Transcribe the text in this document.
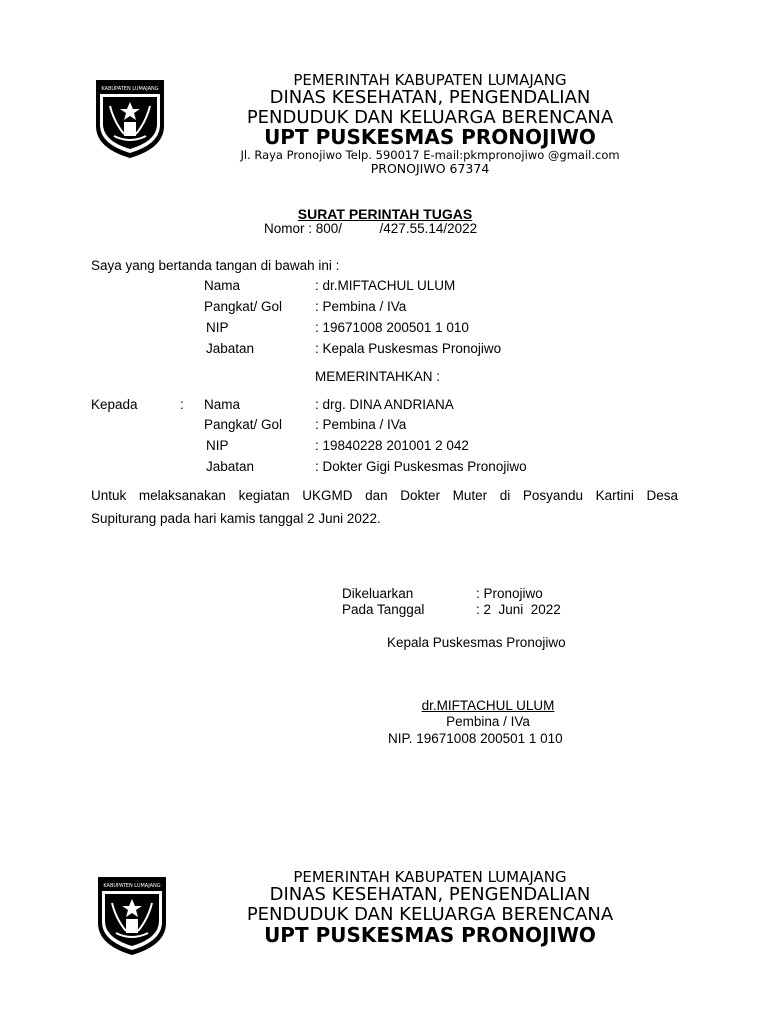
KABUPATEN LUMAJANG	PEMERINTAH KABUPATEN LUMAJANG
DINAS KESEHATAN, PENGENDALIAN
PENDUDUK DAN KELUARGA BERENCANA
UPT PUSKESMAS PRONOJIWO
Jl. Raya Pronojiwo Telp. 590017 E-mail:pkmpronojiwo @gmail.com
PRONOJIWO 67374
SURAT PERINTAH TUGAS
Nomor : 800/          /427.55.14/2022
Saya yang bertanda tangan di bawah ini :
Nama	: dr.MIFTACHUL ULUM
Pangkat/ Gol : Pembina / IVa
NIP	: 19671008 200501 1 010
Jabatan	: Kepala Puskesmas Pronojiwo
MEMERINTAHKAN :
Kepada	: Nama	: drg. DINA ANDRIANA
Pangkat/ Gol : Pembina / IVa
NIP	: 19840228 201001 2 042
Jabatan	: Dokter Gigi Puskesmas Pronojiwo
Untuk melaksanakan kegiatan UKGMD dan Dokter Muter di Posyandu Kartini Desa
Supiturang pada hari kamis tanggal 2 Juni 2022.
Dikeluarkan	: Pronojiwo
Pada Tanggal	: 2  Juni  2022
Kepala Puskesmas Pronojiwo
dr.MIFTACHUL ULUM
Pembina / IVa
NIP. 19671008 200501 1 010
KABUPATEN LUMAJANG	PEMERINTAH KABUPATEN LUMAJANG
DINAS KESEHATAN, PENGENDALIAN
PENDUDUK DAN KELUARGA BERENCANA
UPT PUSKESMAS PRONOJIWO
